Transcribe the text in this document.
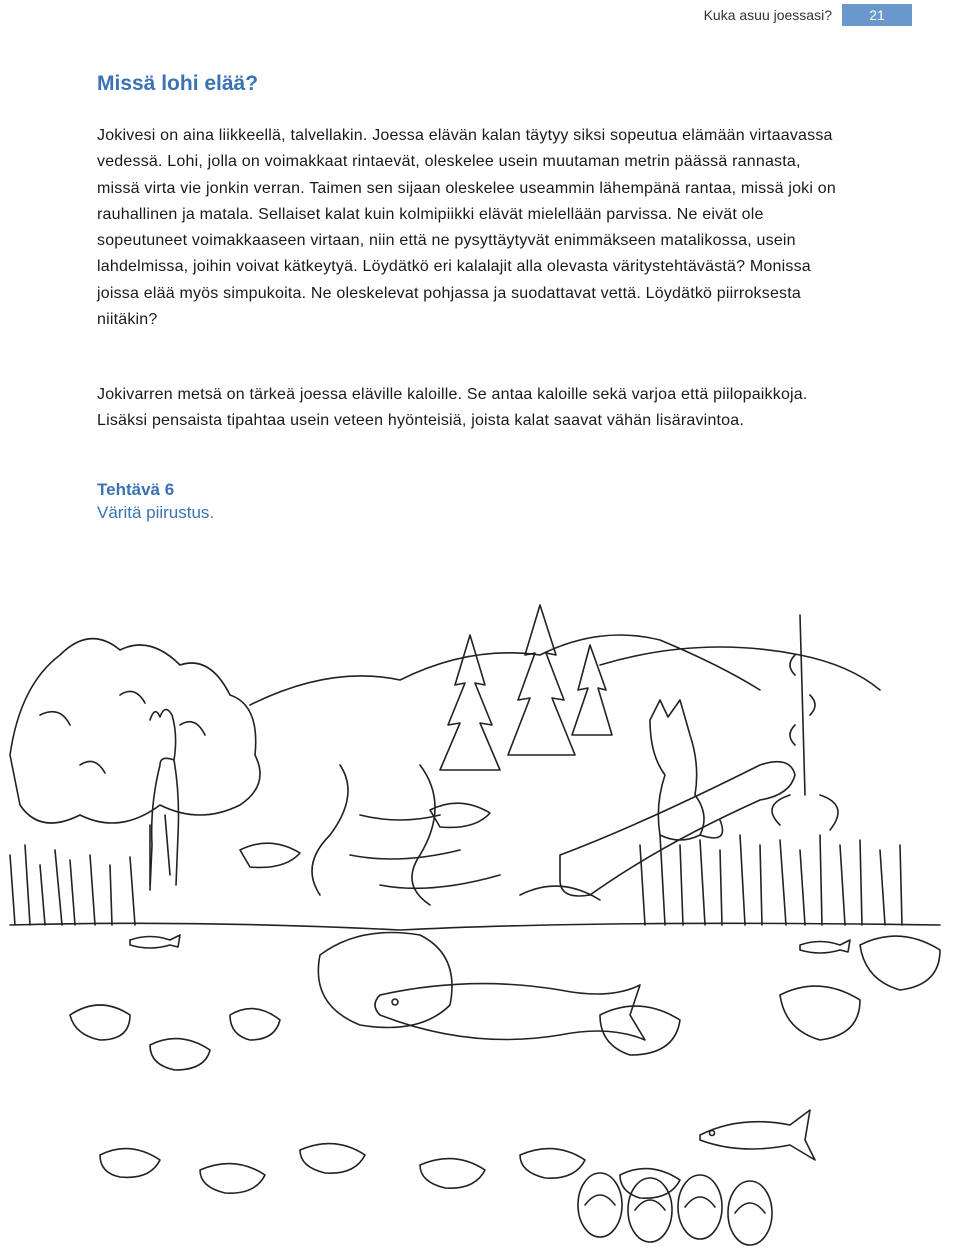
Kuka asuu joessasi?	21
Missä lohi elää?

Jokivesi on aina liikkeellä, talvellakin. Joessa elävän kalan täytyy siksi sopeutua elämään virtaavassa vedessä. Lohi, jolla on voimakkaat rintaevät, oleskelee usein muutaman metrin päässä rannasta, missä virta vie jonkin verran. Taimen sen sijaan oleskelee useammin lähempänä rantaa, missä joki on rauhallinen ja matala. Sellaiset kalat kuin kolmipiikki elävät mielellään parvissa. Ne eivät ole sopeutuneet voimakkaaseen virtaan, niin että ne pysyttäytyvät enimmäkseen matalikossa, usein lahdelmissa, joihin voivat kätkeytyä. Löydätkö eri kalalajit alla olevasta väritystehtävästä? Monissa joissa elää myös simpukoita. Ne oleskelevat pohjassa ja suodattavat vettä. Löydätkö piirroksesta niitäkin?

Jokivarren metsä on tärkeä joessa eläville kaloille. Se antaa kaloille sekä varjoa että piilopaikkoja. Lisäksi pensaista tipahtaa usein veteen hyönteisiä, joista kalat saavat vähän lisäravintoa.

Tehtävä 6
Väritä piirustus.
